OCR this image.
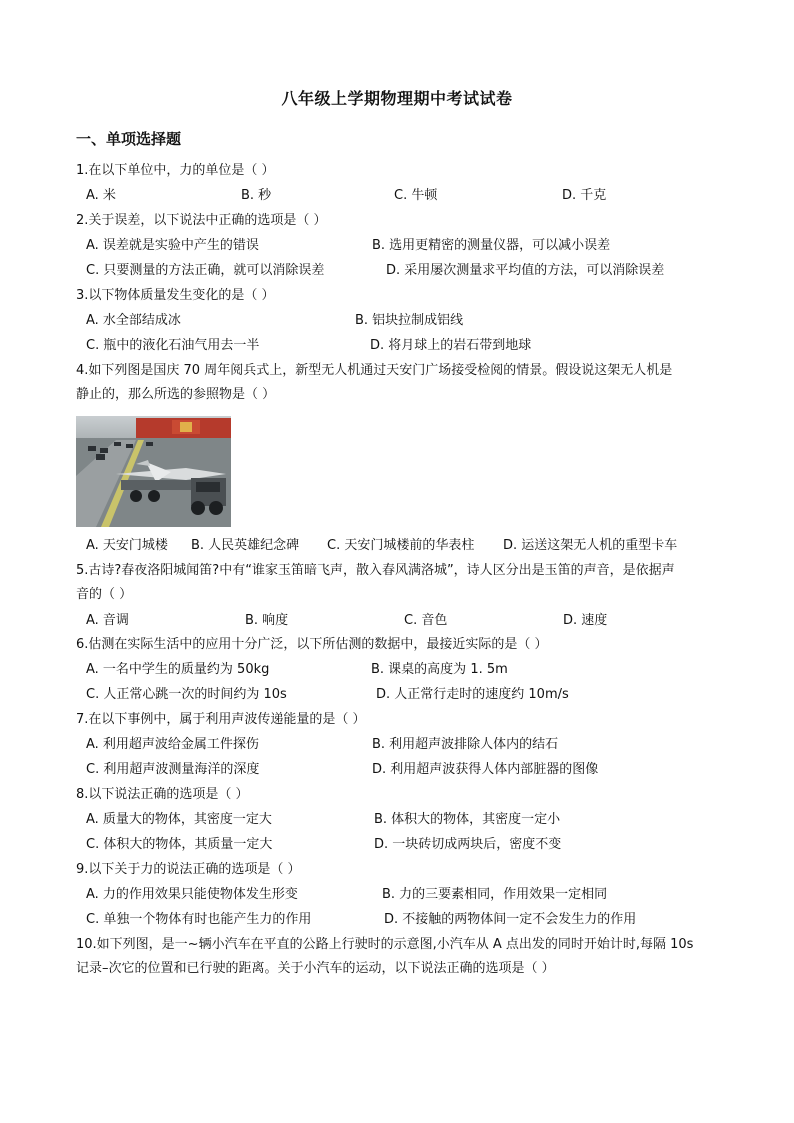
八年级上学期物理期中考试试卷
一、单项选择题
1.在以下单位中，力的单位是（ ）
A. 米	B. 秒	C. 牛顿	D. 千克
2.关于误差，以下说法中正确的选项是（ ）
A. 误差就是实验中产生的错误	B. 选用更精密的测量仪器，可以减小误差
C. 只要测量的方法正确，就可以消除误差	D. 采用屡次测量求平均值的方法，可以消除误差
3.以下物体质量发生变化的是（ ）
A. 水全部结成冰	B. 铝块拉制成铝线
C. 瓶中的液化石油气用去一半	D. 将月球上的岩石带到地球
4.如下列图是国庆 70 周年阅兵式上，新型无人机通过天安门广场接受检阅的情景。假设说这架无人机是
静止的，那么所选的参照物是（ ）
A. 天安门城楼 B. 人民英雄纪念碑 C. 天安门城楼前的华表柱 D. 运送这架无人机的重型卡车
5.古诗?春夜洛阳城闻笛?中有“谁家玉笛暗飞声，散入春风满洛城”，诗人区分出是玉笛的声音，是依据声
音的（ ）
A. 音调	B. 响度	C. 音色	D. 速度
6.估测在实际生活中的应用十分广泛，以下所估测的数据中，最接近实际的是（ ）
A. 一名中学生的质量约为 50kg	B. 课桌的高度为 1. 5m
C. 人正常心跳一次的时间约为 10s	D. 人正常行走时的速度约 10m/s
7.在以下事例中，属于利用声波传递能量的是（ ）
A. 利用超声波给金属工件探伤	B. 利用超声波排除人体内的结石
C. 利用超声波测量海洋的深度	D. 利用超声波获得人体内部脏器的图像
8.以下说法正确的选项是（ ）
A. 质量大的物体，其密度一定大	B. 体积大的物体，其密度一定小
C. 体积大的物体，其质量一定大	D. 一块砖切成两块后，密度不变
9.以下关于力的说法正确的选项是（ ）
A. 力的作用效果只能使物体发生形变	B. 力的三要素相同，作用效果一定相同
C. 单独一个物体有时也能产生力的作用	D. 不接触的两物体间一定不会发生力的作用
10.如下列图，是一~辆小汽车在平直的公路上行驶时的示意图,小汽车从 A 点出发的同时开始计时,每隔 10s
记录–次它的位置和已行驶的距离。关于小汽车的运动，以下说法正确的选项是（ ）
